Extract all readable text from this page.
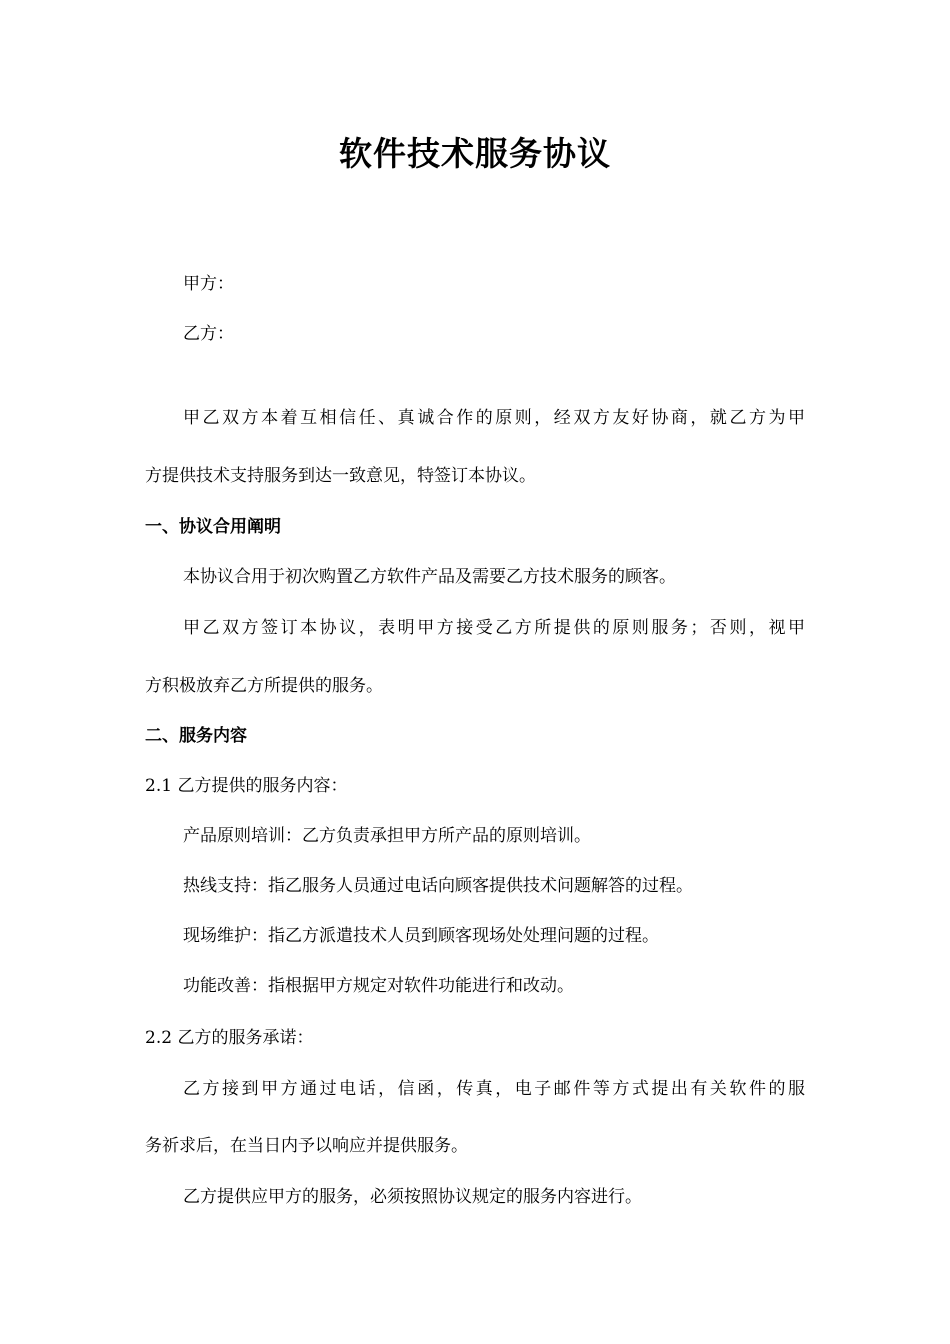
软件技术服务协议

甲方：

乙方：

甲乙双方本着互相信任、真诚合作的原则，经双方友好协商，就乙方为甲

方提供技术支持服务到达一致意见，特签订本协议。

一、协议合用阐明

本协议合用于初次购置乙方软件产品及需要乙方技术服务的顾客。

甲乙双方签订本协议，表明甲方接受乙方所提供的原则服务；否则，视甲

方积极放弃乙方所提供的服务。

二、服务内容

2.1 乙方提供的服务内容：

产品原则培训：乙方负责承担甲方所产品的原则培训。

热线支持：指乙服务人员通过电话向顾客提供技术问题解答的过程。

现场维护：指乙方派遣技术人员到顾客现场处处理问题的过程。

功能改善：指根据甲方规定对软件功能进行和改动。

2.2 乙方的服务承诺：

乙方接到甲方通过电话，信函，传真，电子邮件等方式提出有关软件的服

务祈求后，在当日内予以响应并提供服务。

乙方提供应甲方的服务，必须按照协议规定的服务内容进行。
